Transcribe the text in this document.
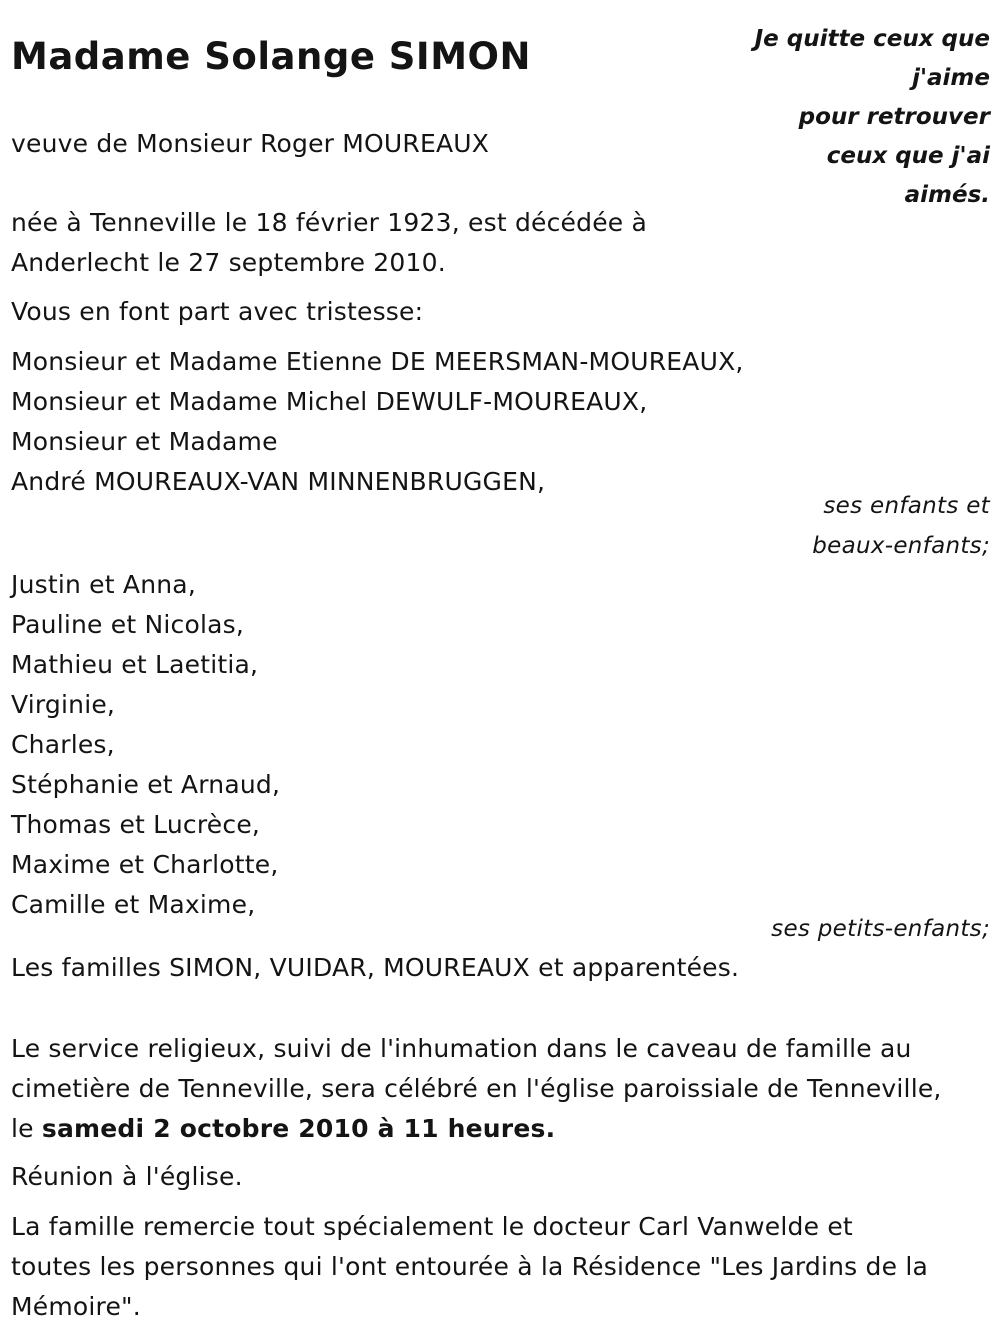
Madame Solange SIMON	Je quitte ceux que
j'aime
pour retrouver
ceux que j'ai
aimés.
veuve de Monsieur Roger MOUREAUX
née à Tenneville le 18 février 1923, est décédée à
Anderlecht le 27 septembre 2010.
Vous en font part avec tristesse:
Monsieur et Madame Etienne DE MEERSMAN-MOUREAUX,
Monsieur et Madame Michel DEWULF-MOUREAUX,
Monsieur et Madame
André MOUREAUX-VAN MINNENBRUGGEN,
ses enfants et
beaux-enfants;
Justin et Anna,
Pauline et Nicolas,
Mathieu et Laetitia,
Virginie,
Charles,
Stéphanie et Arnaud,
Thomas et Lucrèce,
Maxime et Charlotte,
Camille et Maxime,
ses petits-enfants;
Les familles SIMON, VUIDAR, MOUREAUX et apparentées.
Le service religieux, suivi de l'inhumation dans le caveau de famille au
cimetière de Tenneville, sera célébré en l'église paroissiale de Tenneville,
le samedi 2 octobre 2010 à 11 heures.
Réunion à l'église.
La famille remercie tout spécialement le docteur Carl Vanwelde et
toutes les personnes qui l'ont entourée à la Résidence "Les Jardins de la
Mémoire".
